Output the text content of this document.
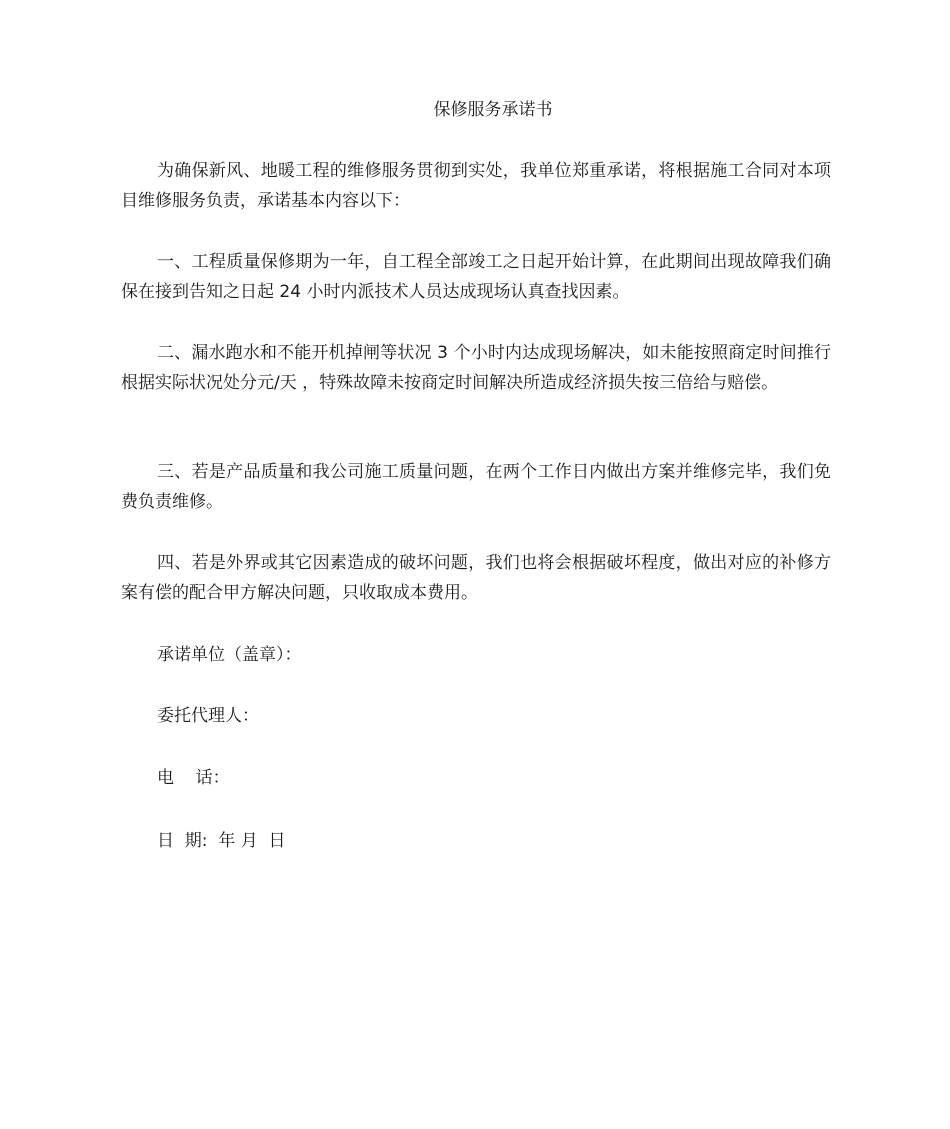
保修服务承诺书
为确保新风、地暖工程的维修服务贯彻到实处，我单位郑重承诺，将根据施工合同对本项目维修服务负责，承诺基本内容以下：
一、工程质量保修期为一年，自工程全部竣工之日起开始计算，在此期间出现故障我们确保在接到告知之日起 24 小时内派技术人员达成现场认真查找因素。
二、漏水跑水和不能开机掉闸等状况 3 个小时内达成现场解决，如未能按照商定时间推行根据实际状况处分元/天 ，特殊故障未按商定时间解决所造成经济损失按三倍给与赔偿。
三、若是产品质量和我公司施工质量问题，在两个工作日内做出方案并维修完毕，我们免费负责维修。
四、若是外界或其它因素造成的破坏问题，我们也将会根据破坏程度，做出对应的补修方案有偿的配合甲方解决问题，只收取成本费用。
承诺单位（盖章）：
委托代理人：
电    话：
日  期:  年 月  日
